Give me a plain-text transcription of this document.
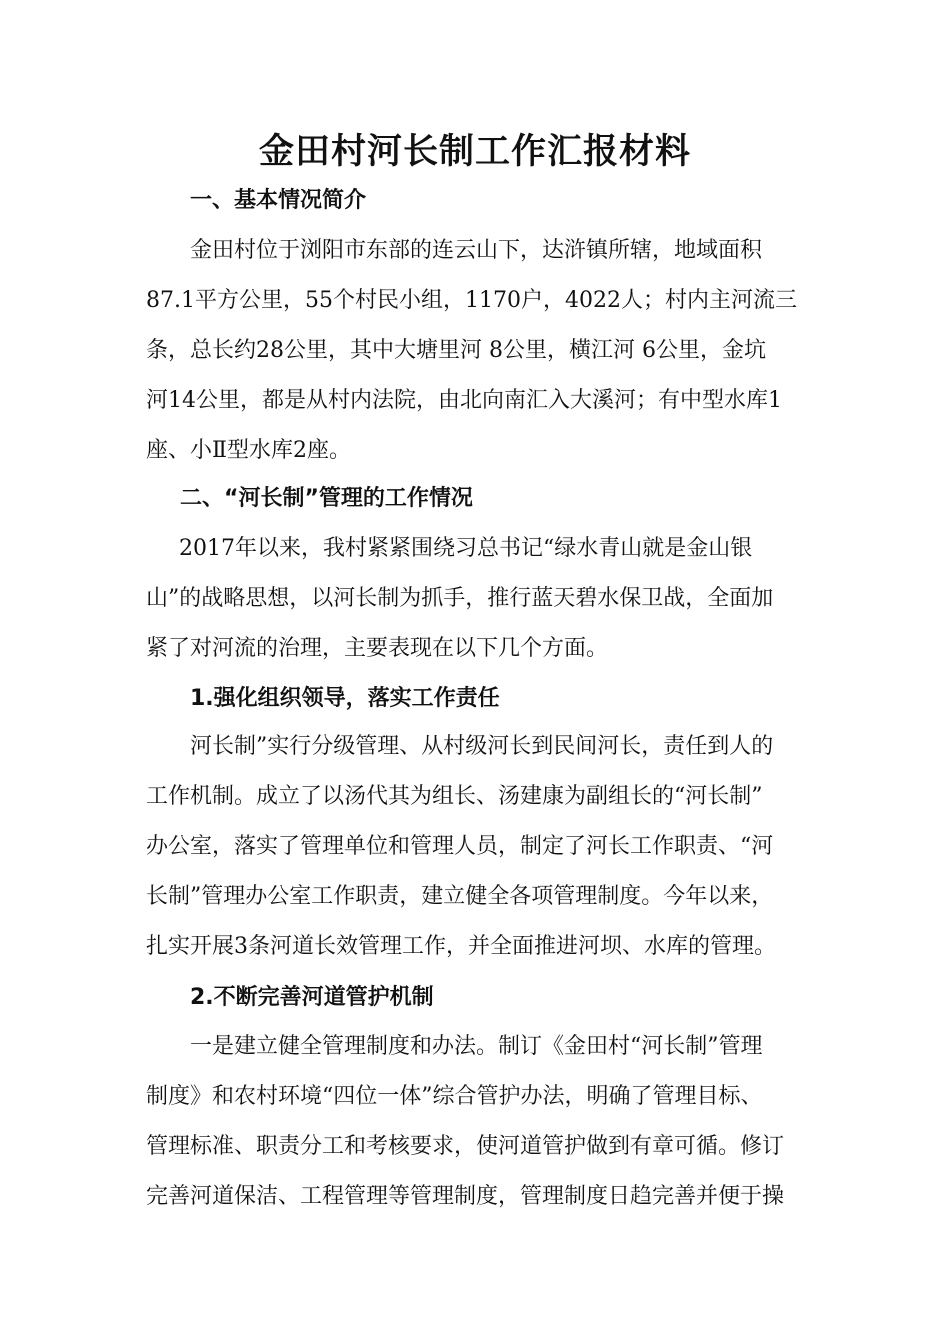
金田村河长制工作汇报材料
一、基本情况简介
金田村位于浏阳市东部的连云山下，达浒镇所辖，地域面积
87.1平方公里，55个村民小组，1170户，4022人；村内主河流三
条，总长约28公里，其中大塘里河 8公里，横江河 6公里，金坑
河14公里，都是从村内法院，由北向南汇入大溪河；有中型水库1
座、小Ⅱ型水库2座。
二、“河长制”管理的工作情况
2017年以来，我村紧紧围绕习总书记“绿水青山就是金山银
山”的战略思想，以河长制为抓手，推行蓝天碧水保卫战，全面加
紧了对河流的治理，主要表现在以下几个方面。
1.强化组织领导，落实工作责任
河长制”实行分级管理、从村级河长到民间河长，责任到人的
工作机制。成立了以汤代其为组长、汤建康为副组长的“河长制”
办公室，落实了管理单位和管理人员，制定了河长工作职责、“河
长制”管理办公室工作职责，建立健全各项管理制度。今年以来，
扎实开展3条河道长效管理工作，并全面推进河坝、水库的管理。
2.不断完善河道管护机制
一是建立健全管理制度和办法。制订《金田村“河长制”管理
制度》和农村环境“四位一体”综合管护办法，明确了管理目标、
管理标准、职责分工和考核要求，使河道管护做到有章可循。修订
完善河道保洁、工程管理等管理制度，管理制度日趋完善并便于操
